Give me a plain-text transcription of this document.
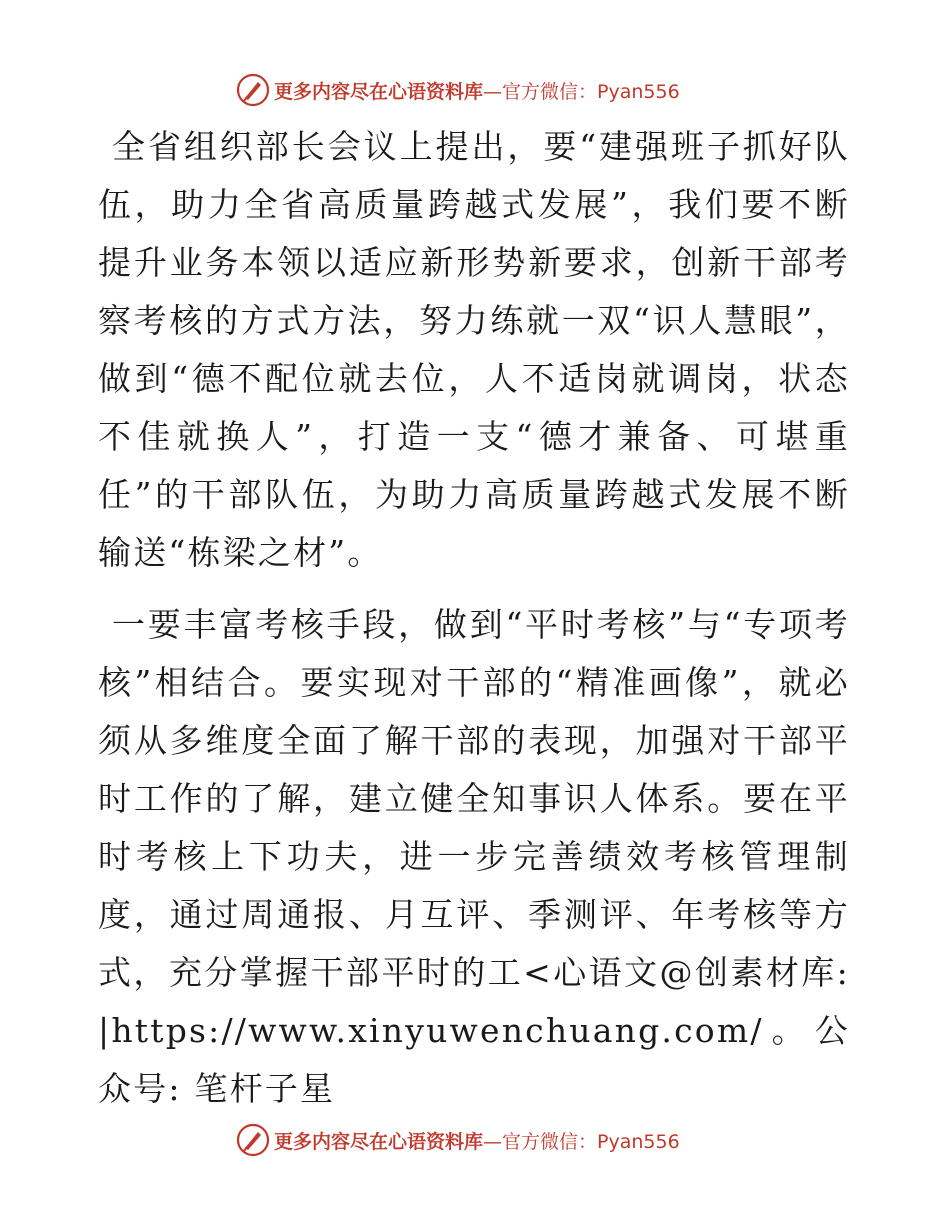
更多内容尽在心语资料库 —官方微信：Pyan556

全省组织部长会议上提出，要“建强班子抓好队伍，助力全省高质量跨越式发展”，我们要不断提升业务本领以适应新形势新要求，创新干部考察考核的方式方法，努力练就一双“识人慧眼”，做到“德不配位就去位，人不适岗就调岗，状态不佳就换人”，打造一支“德才兼备、可堪重任”的干部队伍，为助力高质量跨越式发展不断输送“栋梁之材”。

一要丰富考核手段，做到“平时考核”与“专项考核”相结合。要实现对干部的“精准画像”，就必须从多维度全面了解干部的表现，加强对干部平时工作的了解，建立健全知事识人体系。要在平时考核上下功夫，进一步完善绩效考核管理制度，通过周通报、月互评、季测评、年考核等方式，充分掌握干部平时的工<心语文@创素材库: |https://www.xinyuwenchuang.com/。公众号: 笔杆子星

更多内容尽在心语资料库 —官方微信：Pyan556
